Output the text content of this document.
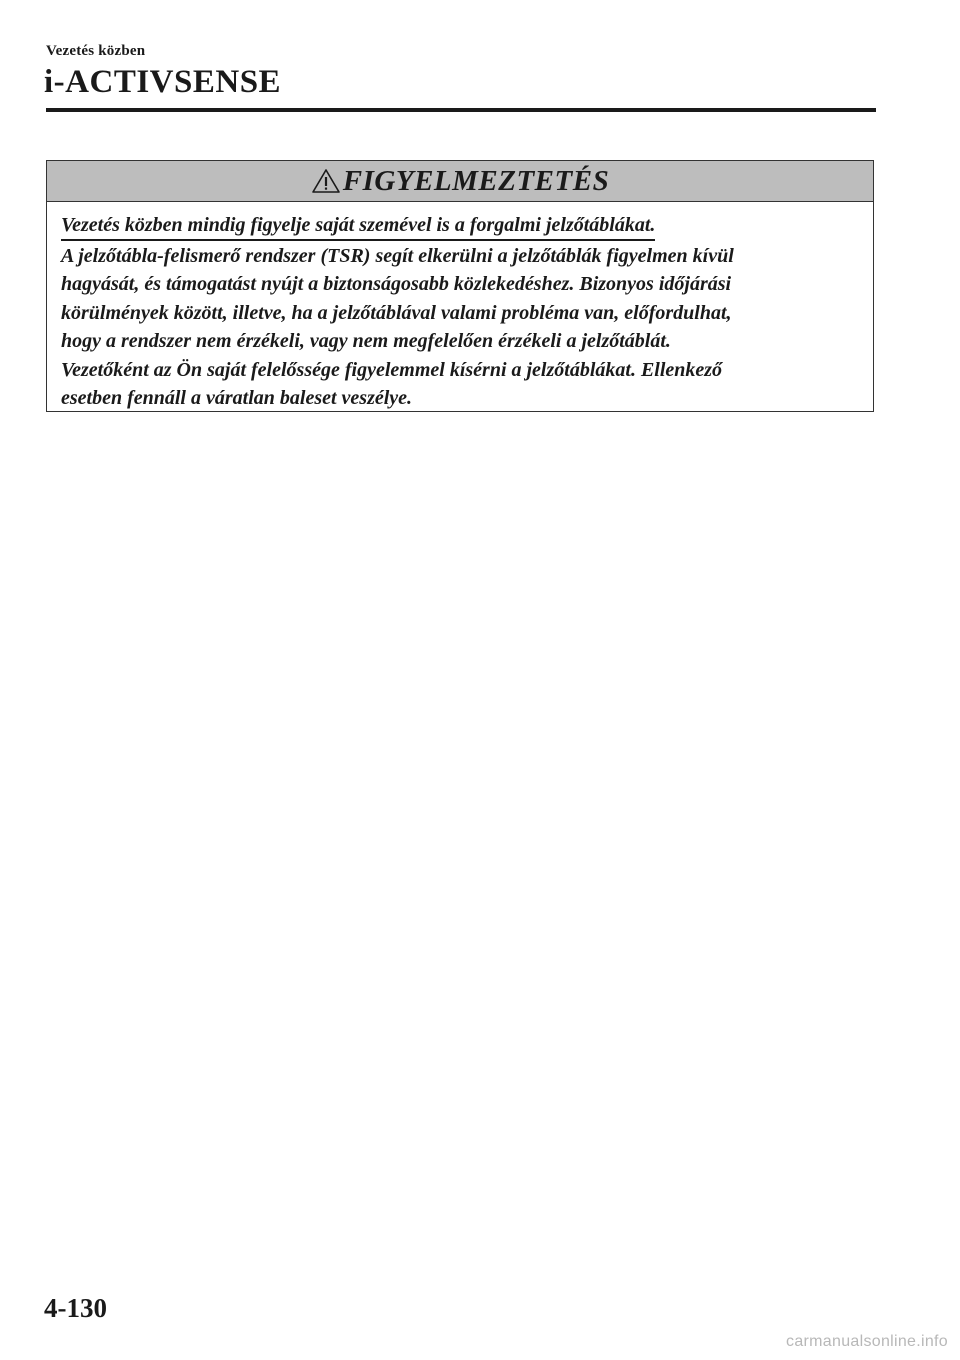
Vezetés közben
i-ACTIVSENSE
FIGYELMEZTETÉS
Vezetés közben mindig figyelje saját szemével is a forgalmi jelzőtáblákat.
A jelzőtábla-felismerő rendszer (TSR) segít elkerülni a jelzőtáblák figyelmen kívül
hagyását, és támogatást nyújt a biztonságosabb közlekedéshez. Bizonyos időjárási
körülmények között, illetve, ha a jelzőtáblával valami probléma van, előfordulhat,
hogy a rendszer nem érzékeli, vagy nem megfelelően érzékeli a jelzőtáblát.
Vezetőként az Ön saját felelőssége figyelemmel kísérni a jelzőtáblákat. Ellenkező
esetben fennáll a váratlan baleset veszélye.
4-130
carmanualsonline.info
